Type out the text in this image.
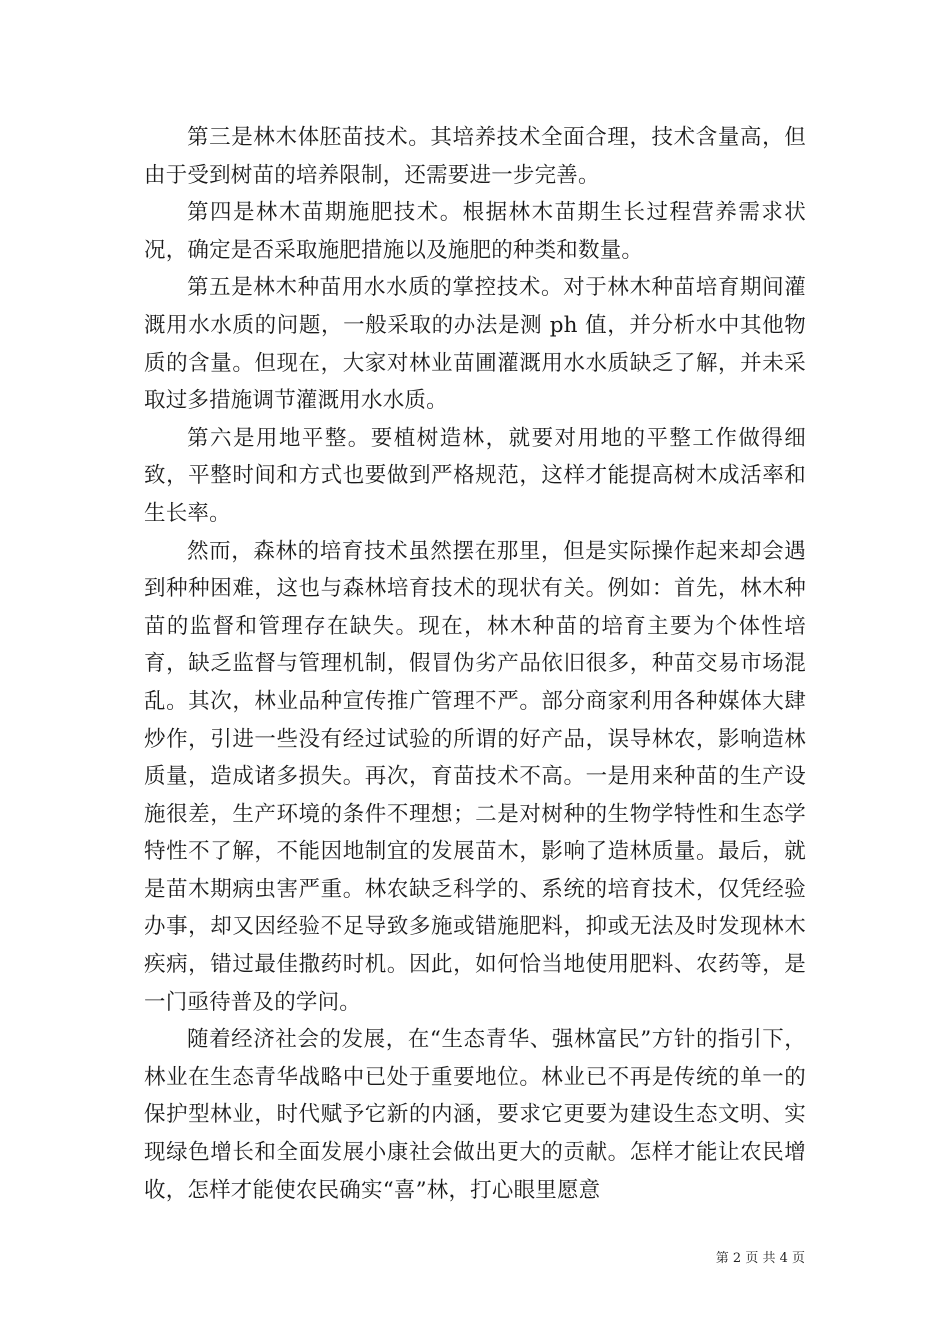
第三是林木体胚苗技术。其培养技术全面合理，技术含量高，但由于受到树苗的培养限制，还需要进一步完善。

第四是林木苗期施肥技术。根据林木苗期生长过程营养需求状况，确定是否采取施肥措施以及施肥的种类和数量。

第五是林木种苗用水水质的掌控技术。对于林木种苗培育期间灌溉用水水质的问题，一般采取的办法是测 ph 值，并分析水中其他物质的含量。但现在，大家对林业苗圃灌溉用水水质缺乏了解，并未采取过多措施调节灌溉用水水质。

第六是用地平整。要植树造林，就要对用地的平整工作做得细致，平整时间和方式也要做到严格规范，这样才能提高树木成活率和生长率。

然而，森林的培育技术虽然摆在那里，但是实际操作起来却会遇到种种困难，这也与森林培育技术的现状有关。例如：首先，林木种苗的监督和管理存在缺失。现在，林木种苗的培育主要为个体性培育，缺乏监督与管理机制，假冒伪劣产品依旧很多，种苗交易市场混乱。其次，林业品种宣传推广管理不严。部分商家利用各种媒体大肆炒作，引进一些没有经过试验的所谓的好产品，误导林农，影响造林质量，造成诸多损失。再次，育苗技术不高。一是用来种苗的生产设施很差，生产环境的条件不理想；二是对树种的生物学特性和生态学特性不了解，不能因地制宜的发展苗木，影响了造林质量。最后，就是苗木期病虫害严重。林农缺乏科学的、系统的培育技术，仅凭经验办事，却又因经验不足导致多施或错施肥料，抑或无法及时发现林木疾病，错过最佳撒药时机。因此，如何恰当地使用肥料、农药等，是一门亟待普及的学问。

随着经济社会的发展，在“生态青华、强林富民”方针的指引下，林业在生态青华战略中已处于重要地位。林业已不再是传统的单一的保护型林业，时代赋予它新的内涵，要求它更要为建设生态文明、实现绿色增长和全面发展小康社会做出更大的贡献。怎样才能让农民增收，怎样才能使农民确实“喜”林，打心眼里愿意

第 2 页 共 4 页
